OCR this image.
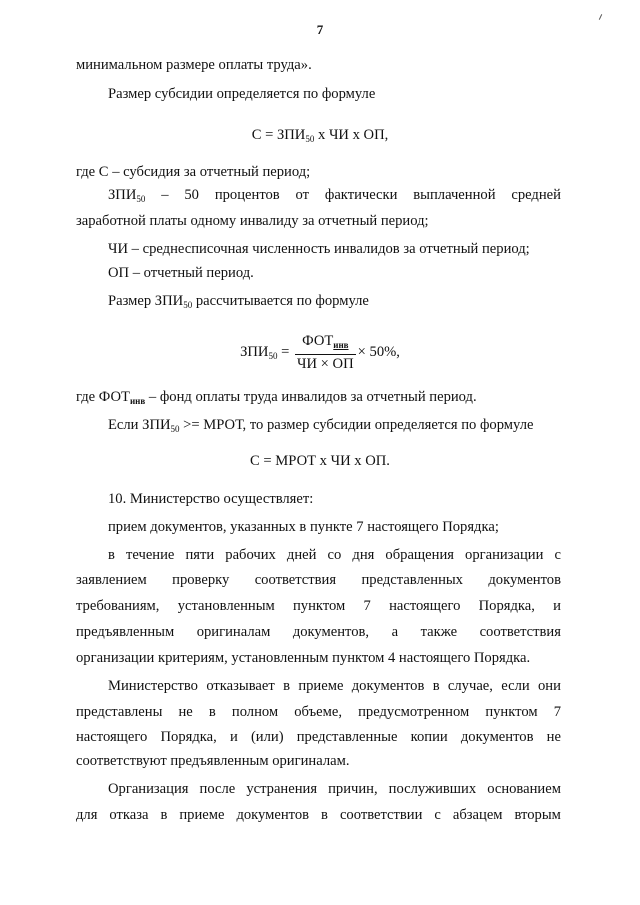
7
минимальном размере оплаты труда».
Размер субсидии определяется по формуле
$С = ЗПИ_{50}$ х ЧИ х ОП,
где С – субсидия за отчетный период;
$ЗПИ_{50} - 50$ процентов от фактически выплаченной средней
заработной платы одному инвалиду за отчетный период;
ЧИ – среднесписочная численность инвалидов за отчетный период;
ОП – отчетный период.
Размер $ЗПИ_{50}$ рассчитывается по формуле
$ЗПИ_{50} = \frac{ФОТ_{инв}}{ЧИ \times ОП} \times 50\%$,
где $ФОТ_{инв}$ – фонд оплаты труда инвалидов за отчетный период.
Если $ЗПИ_{50}$ >= МРОТ, то размер субсидии определяется по формуле
С = МРОТ х ЧИ х ОП.
10. Министерство осуществляет:
прием документов, указанных в пункте 7 настоящего Порядка;
в течение пяти рабочих дней со дня обращения организации с
заявлением проверку соответствия представленных документов
требованиям, установленным пунктом 7 настоящего Порядка, и
предъявленным оригиналам документов, а также соответствия
организации критериям, установленным пунктом 4 настоящего Порядка.
Министерство отказывает в приеме документов в случае, если они
представлены не в полном объеме, предусмотренном пунктом 7
настоящего Порядка, и (или) представленные копии документов не
соответствуют предъявленным оригиналам.
Организация после устранения причин, послуживших основанием
для отказа в приеме документов в соответствии с абзацем вторым
